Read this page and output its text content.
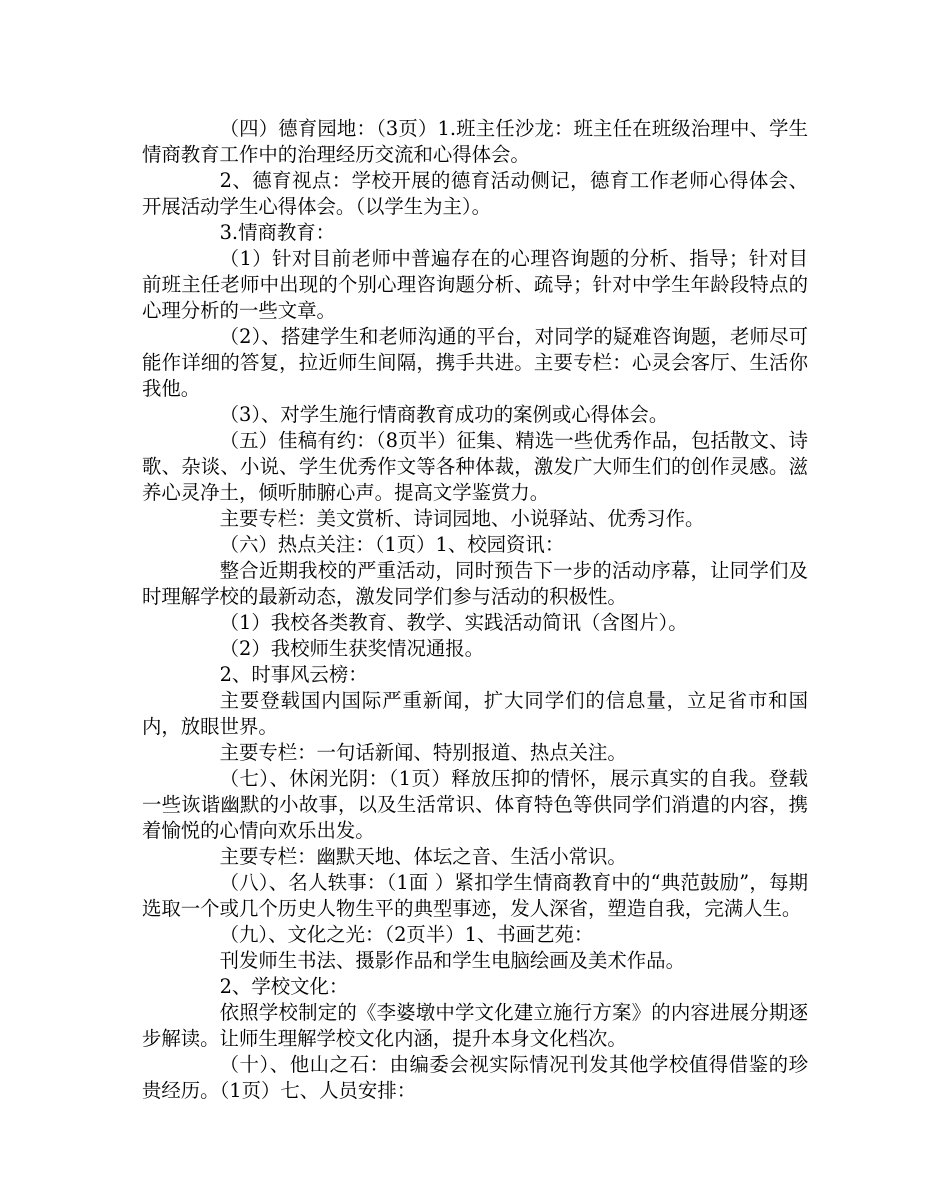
（四）德育园地：（3页）1.班主任沙龙：班主任在班级治理中、学生情商教育工作中的治理经历交流和心得体会。

2、德育视点：学校开展的德育活动侧记，德育工作老师心得体会、开展活动学生心得体会。（以学生为主）。

3.情商教育：

（1）针对目前老师中普遍存在的心理咨询题的分析、指导；针对目前班主任老师中出现的个别心理咨询题分析、疏导；针对中学生年龄段特点的心理分析的一些文章。

（2）、搭建学生和老师沟通的平台，对同学的疑难咨询题，老师尽可能作详细的答复，拉近师生间隔，携手共进。主要专栏：心灵会客厅、生活你我他。

（3）、对学生施行情商教育成功的案例或心得体会。

（五）佳稿有约：（8页半）征集、精选一些优秀作品，包括散文、诗歌、杂谈、小说、学生优秀作文等各种体裁，激发广大师生们的创作灵感。滋养心灵净土，倾听肺腑心声。提高文学鉴赏力。

主要专栏：美文赏析、诗词园地、小说驿站、优秀习作。

（六）热点关注：（1页）1、校园资讯：

整合近期我校的严重活动，同时预告下一步的活动序幕，让同学们及时理解学校的最新动态，激发同学们参与活动的积极性。

（1）我校各类教育、教学、实践活动简讯（含图片）。

（2）我校师生获奖情况通报。

2、时事风云榜：

主要登载国内国际严重新闻，扩大同学们的信息量，立足省市和国内，放眼世界。

主要专栏：一句话新闻、特别报道、热点关注。

（七）、休闲光阴：（1页）释放压抑的情怀，展示真实的自我。登载一些诙谐幽默的小故事，以及生活常识、体育特色等供同学们消遣的内容，携着愉悦的心情向欢乐出发。

主要专栏：幽默天地、体坛之音、生活小常识。

（八）、名人轶事：（1面 ）紧扣学生情商教育中的“典范鼓励”，每期选取一个或几个历史人物生平的典型事迹，发人深省，塑造自我，完满人生。

（九）、文化之光：（2页半）1、书画艺苑：

刊发师生书法、摄影作品和学生电脑绘画及美术作品。

2、学校文化：

依照学校制定的《李婆墩中学文化建立施行方案》的内容进展分期逐步解读。让师生理解学校文化内涵，提升本身文化档次。

（十）、他山之石：由编委会视实际情况刊发其他学校值得借鉴的珍贵经历。（1页）七、人员安排：
